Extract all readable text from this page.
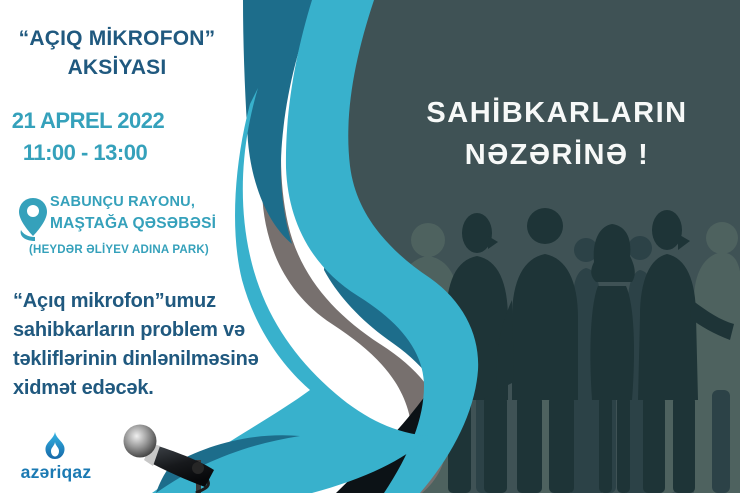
“AÇIQ MİKROFON”
AKSİYASI
21 APREL 2022
11:00 - 13:00
SABUNÇU RAYONU,
MAŞTAĞA QƏSƏBƏSİ
(HEYDƏR ƏLİYEV ADINA PARK)
“Açıq mikrofon”umuz
sahibkarların problem və
təkliflərinin dinlənilməsinə
xidmət edəcək.
azəriqaz
SAHİBKARLARIN
NƏZƏRİNƏ !
